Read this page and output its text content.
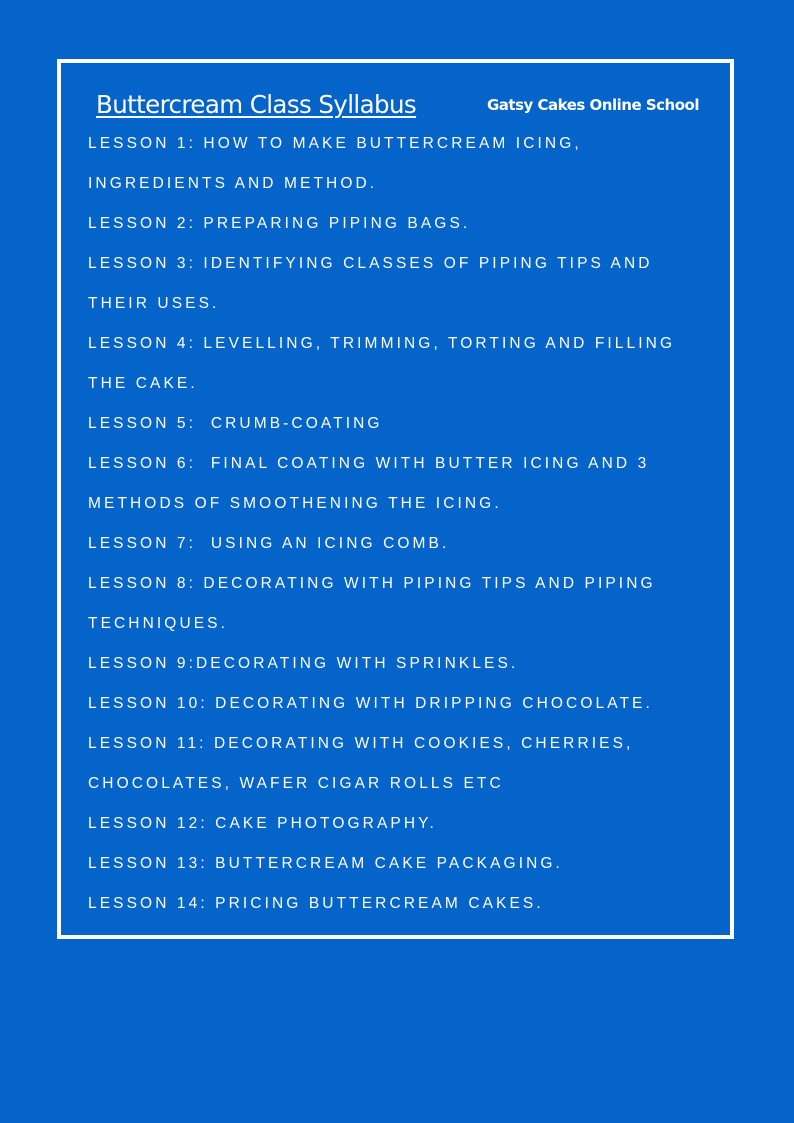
Buttercream Class Syllabus	Gatsy Cakes Online School
LESSON 1: HOW TO MAKE BUTTERCREAM ICING,
INGREDIENTS AND METHOD.
LESSON 2: PREPARING PIPING BAGS.
LESSON 3: IDENTIFYING CLASSES OF PIPING TIPS AND
THEIR USES.
LESSON 4: LEVELLING, TRIMMING, TORTING AND FILLING
THE CAKE.
LESSON 5:  CRUMB-COATING
LESSON 6:  FINAL COATING WITH BUTTER ICING AND 3
METHODS OF SMOOTHENING THE ICING.
LESSON 7:  USING AN ICING COMB.
LESSON 8: DECORATING WITH PIPING TIPS AND PIPING
TECHNIQUES.
LESSON 9:DECORATING WITH SPRINKLES.
LESSON 10: DECORATING WITH DRIPPING CHOCOLATE.
LESSON 11: DECORATING WITH COOKIES, CHERRIES,
CHOCOLATES, WAFER CIGAR ROLLS ETC
LESSON 12: CAKE PHOTOGRAPHY.
LESSON 13: BUTTERCREAM CAKE PACKAGING.
LESSON 14: PRICING BUTTERCREAM CAKES.
